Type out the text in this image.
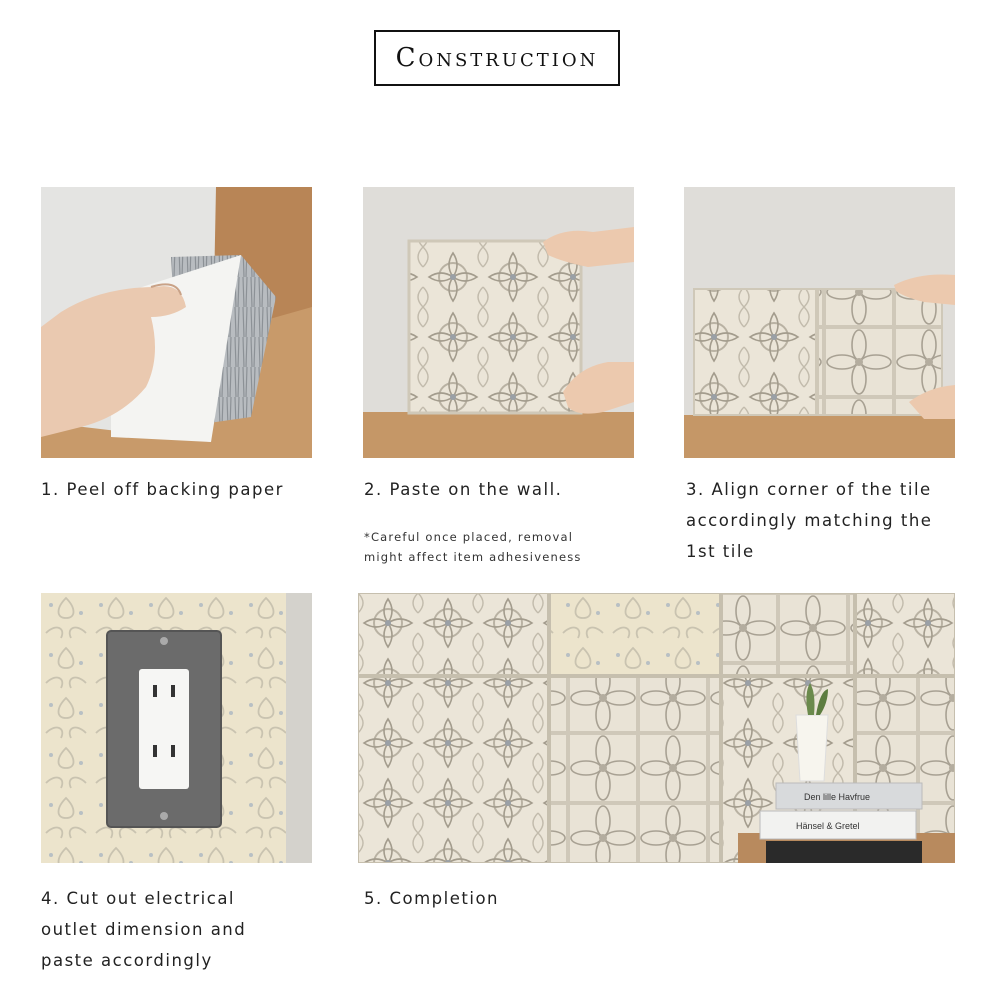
Construction
Den lille Havfrue
Hänsel & Gretel
1. Peel off backing paper	2. Paste on the wall.
*Careful once placed, removal
might affect item adhesiveness
3. Align corner of the tile
accordingly matching the
1st tile
4. Cut out electrical
outlet dimension and
paste accordingly
5. Completion
